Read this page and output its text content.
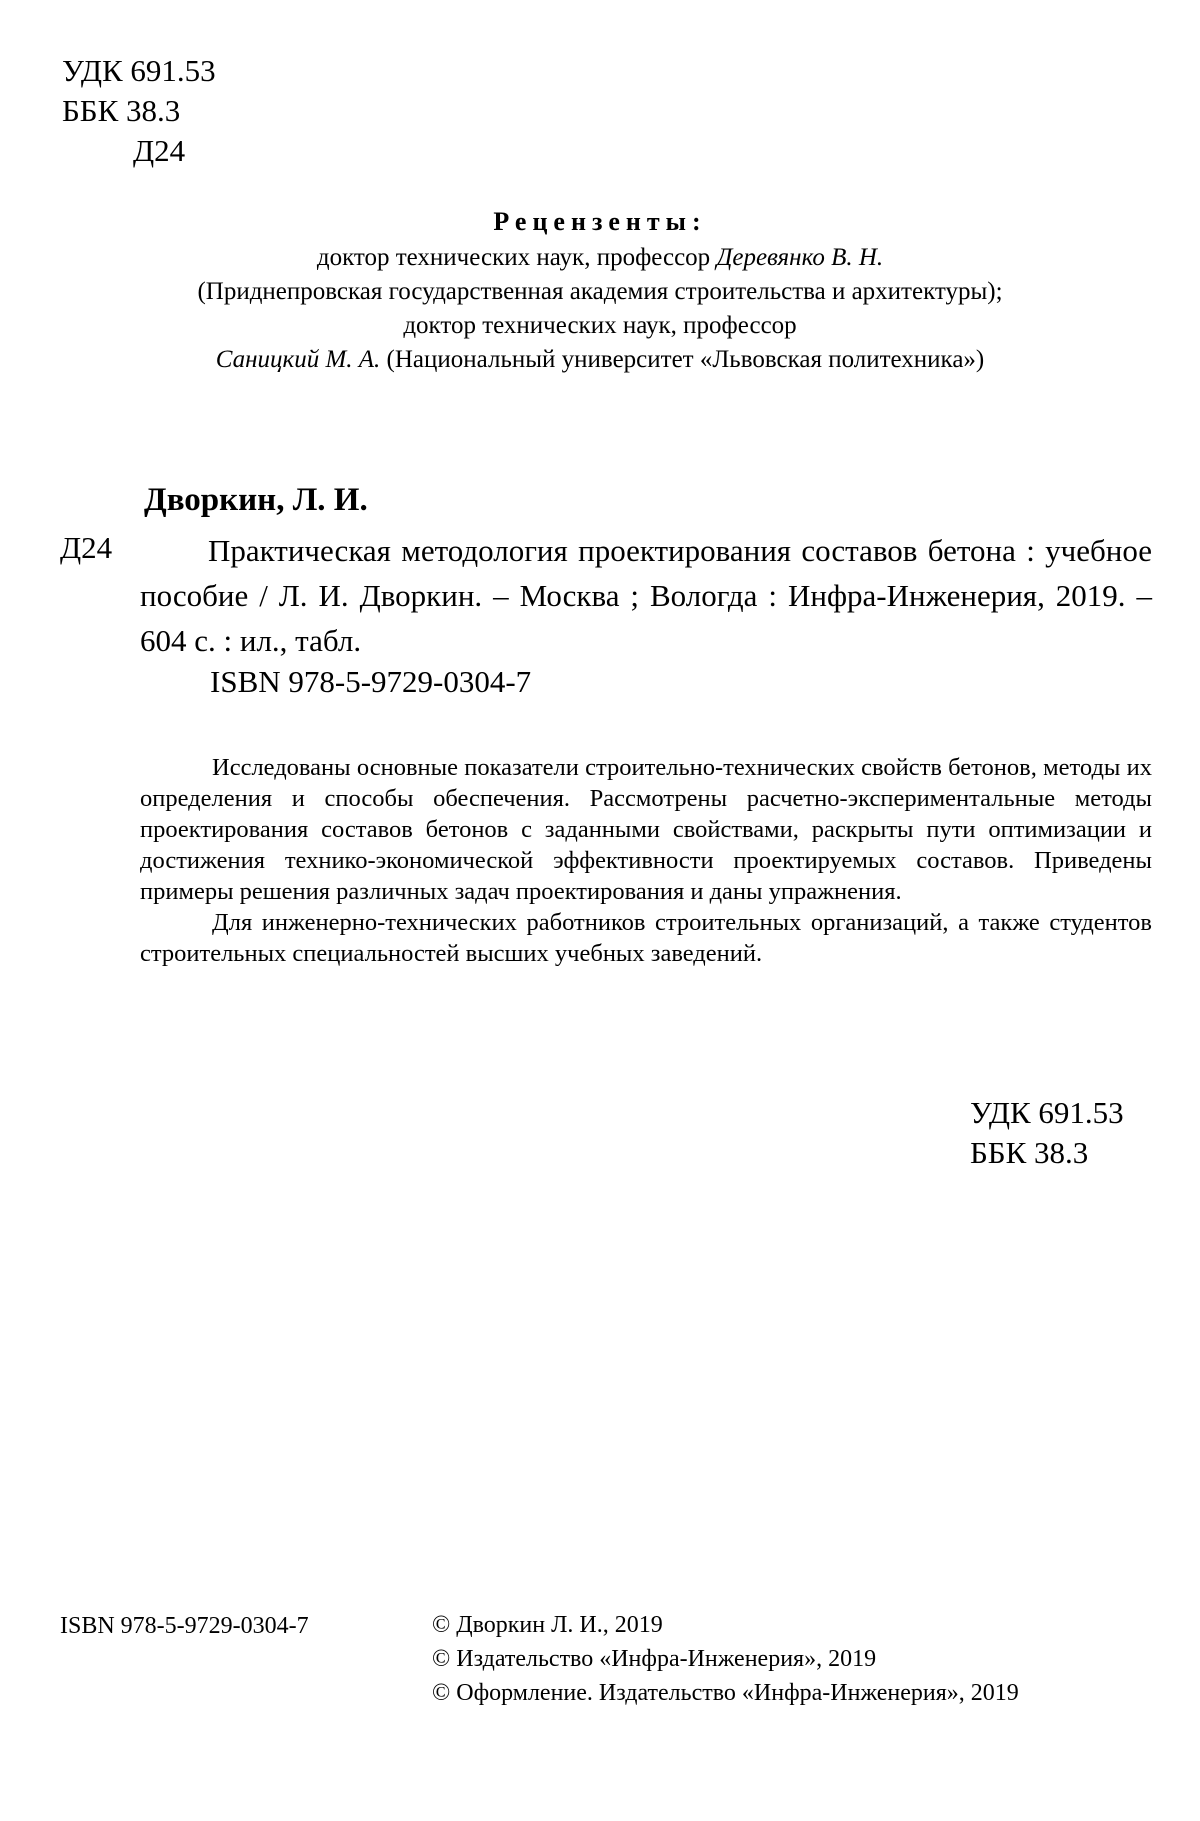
УДК 691.53
ББК 38.3
Д24
Рецензенты:
доктор технических наук, профессор Деревянко В. Н.
(Приднепровская государственная академия строительства и архитектуры);
доктор технических наук, профессор
Саницкий М. А. (Национальный университет «Львовская политехника»)
Дворкин, Л. И.
Д24	Практическая методология проектирования составов бетона : учебное пособие / Л. И. Дворкин. – Москва ; Вологда : Инфра-Инженерия, 2019. – 604 с. : ил., табл.
ISBN 978-5-9729-0304-7

Исследованы основные показатели строительно-технических свойств бетонов, методы их определения и способы обеспечения. Рассмотрены расчетно-экспериментальные методы проектирования составов бетонов с заданными свойствами, раскрыты пути оптимизации и достижения технико-экономической эффективности проектируемых составов. Приведены примеры решения различных задач проектирования и даны упражнения.

Для инженерно-технических работников строительных организаций, а также студентов строительных специальностей высших учебных заведений.

УДК 691.53
ББК 38.3
ISBN 978-5-9729-0304-7	© Дворкин Л. И., 2019
© Издательство «Инфра-Инженерия», 2019
© Оформление. Издательство «Инфра-Инженерия», 2019
